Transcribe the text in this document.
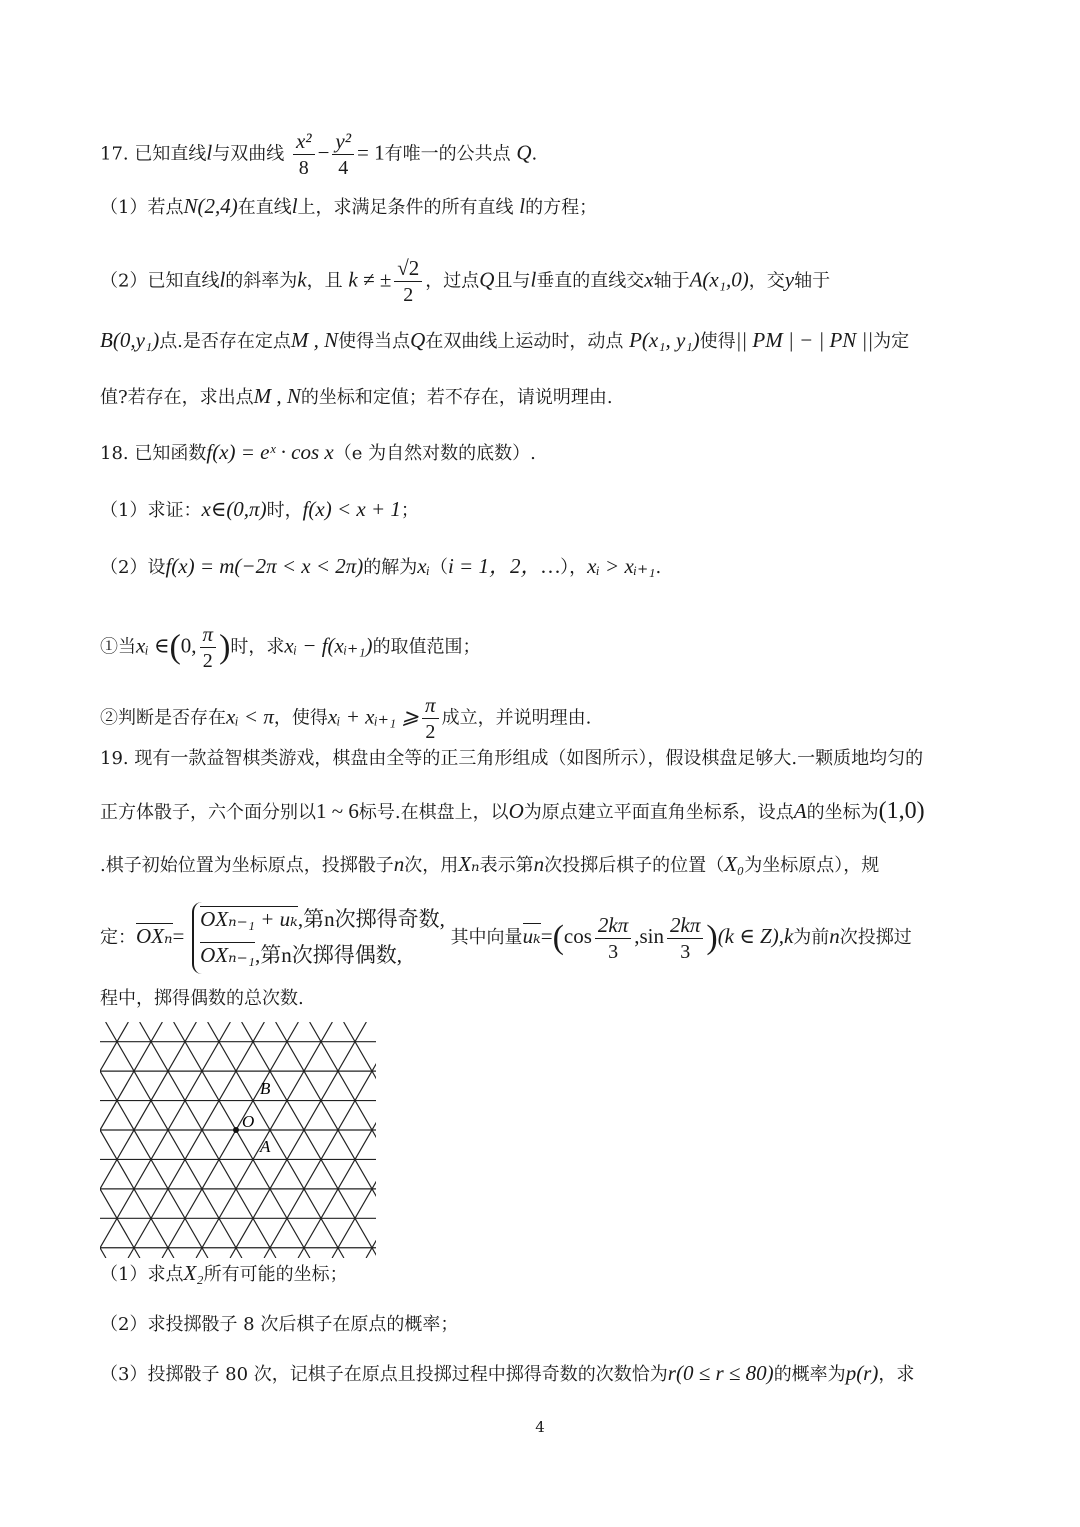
17. 已知直线l与双曲线 $\frac{\text{x²}}{8} - \frac{\text{y²}}{4} = 1$有唯一的公共点 Q.
（1）若点N(2,4)在直线l上，求满足条件的所有直线 l的方程；
（2）已知直线l的斜率为k，且 k ≠ ± $\frac{√2}{2}$ ，过点Q且与l垂直的直线交x轴于A(x₁,0)，交y轴于
B(0,y₁)点.是否存在定点M , N使得当点Q在双曲线上运动时，动点 P(x₁, y₁)使得|| PM | − | PN ||为定
值?若存在，求出点M , N的坐标和定值；若不存在，请说明理由.
18. 已知函数f(x) = eˣ · cos x（e 为自然对数的底数）.
（1）求证：x∈(0,π)时，f(x) < x + 1；
（2）设f(x) = m(−2π < x < 2π)的解为xᵢ（i = 1，2，…），xᵢ > xᵢ₊₁.
①当xᵢ ∈(0, $\frac{\pi}{2}$ )时，求xᵢ − f(xᵢ₊₁)的取值范围；
②判断是否存在xᵢ < π，使得xᵢ + xᵢ₊₁ ⩾ $\frac{\pi}{2}$ 成立，并说明理由.
19. 现有一款益智棋类游戏，棋盘由全等的正三角形组成（如图所示），假设棋盘足够大.一颗质地均匀的
正方体骰子，六个面分别以1 ~ 6标号.在棋盘上，以O为原点建立平面直角坐标系，设点A的坐标为(1,0)
.棋子初始位置为坐标原点，投掷骰子n次，用Xₙ表示第n次投掷后棋子的位置（X₀为坐标原点），规
定：OXₙ=
OXₙ₋₁ + uₖ,第n次掷得奇数,
OXₙ₋₁,第n次掷得偶数,
其中向量$u_k=(\cos \frac{2k\pi}{3} ,\sin \frac{2k\pi}{3} )(k$ ∈ Z),k为前n次投掷过
程中，掷得偶数的总次数.
B
O
A
（1）求点X₂所有可能的坐标；
（2）求投掷骰子 8 次后棋子在原点的概率；
（3）投掷骰子 80 次，记棋子在原点且投掷过程中掷得奇数的次数恰为r(0 ≤ r ≤ 80)的概率为p(r)，求
4
